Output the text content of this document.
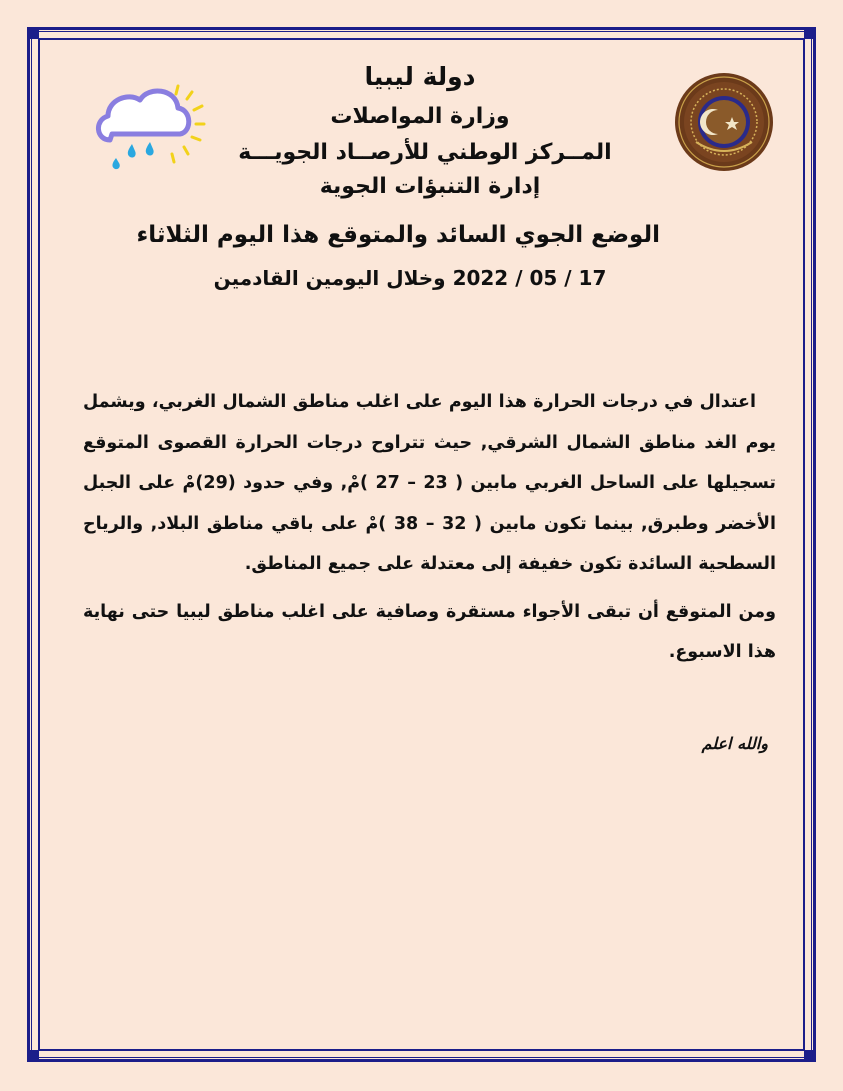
دولة ليبيا
وزارة المواصلات
المــركز الوطني للأرصــاد الجويـــة
إدارة التنبؤات الجوية
الوضع الجوي السائد والمتوقع هذا اليوم الثلاثاء
17 / 05 / 2022 وخلال اليومين القادمين

اعتدال في درجات الحرارة هذا اليوم على اغلب مناطق الشمال الغربي، ويشمل يوم الغد مناطق الشمال الشرقي, حيث تتراوح درجات الحرارة القصوى المتوقع تسجيلها على الساحل الغربي مابين ( 23 – 27 )مْ, وفي حدود (29)مْ على الجبل الأخضر وطبرق, بينما تكون مابين ( 32 – 38 )مْ على باقي مناطق البلاد, والرياح السطحية السائدة تكون خفيفة إلى معتدلة على جميع المناطق.

ومن المتوقع أن تبقى الأجواء مستقرة وصافية على اغلب مناطق ليبيا حتى نهاية هذا الاسبوع.

والله اعلم
